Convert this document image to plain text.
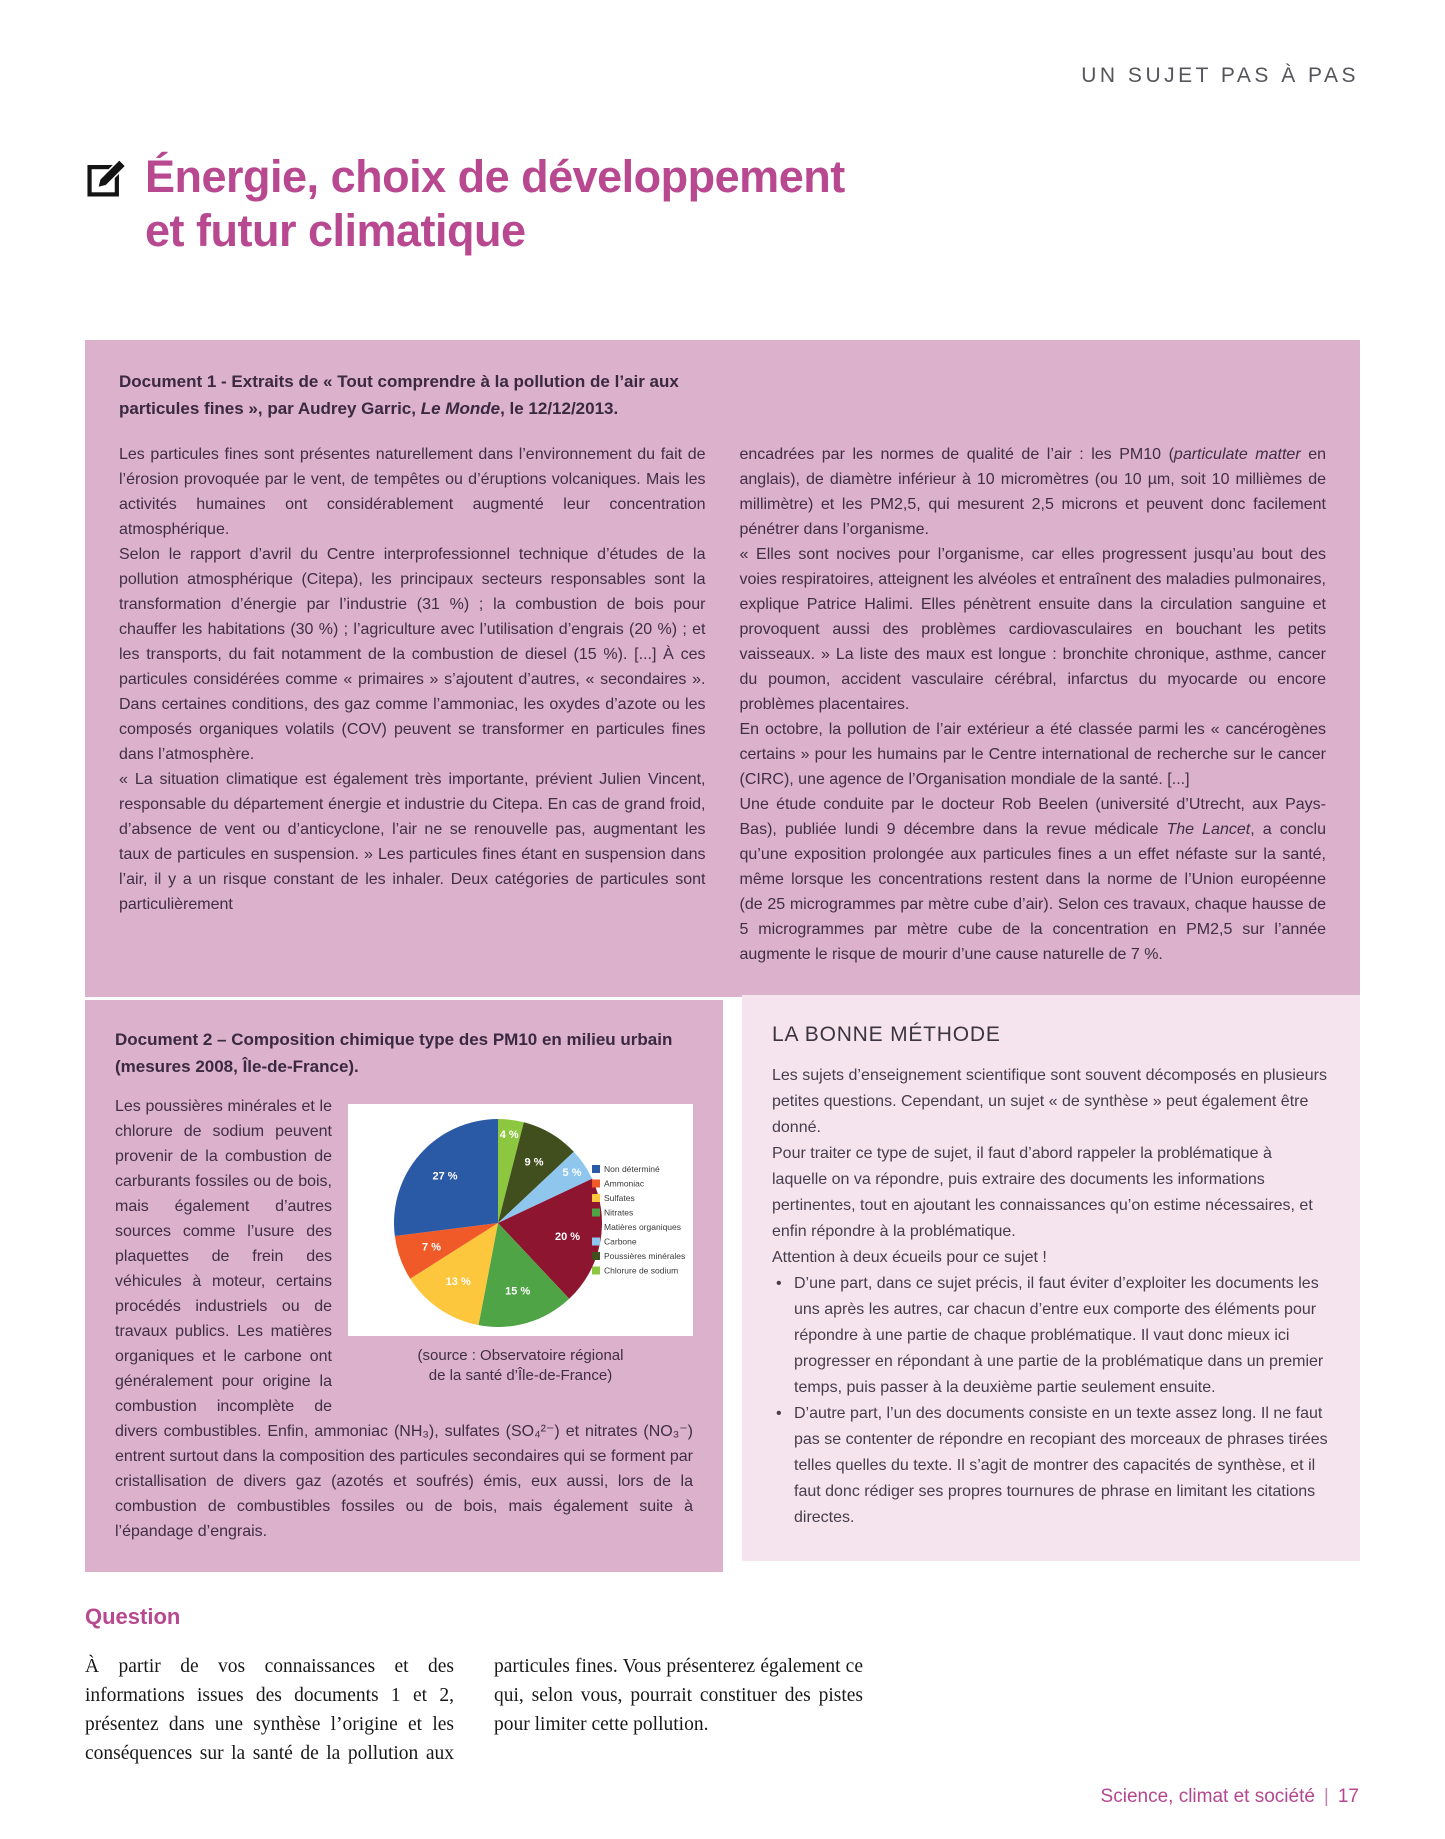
UN SUJET PAS À PAS
Énergie, choix de développement
et futur climatique

Document 1 - Extraits de « Tout comprendre à la pollution de l’air aux particules fines », par Audrey Garric, Le Monde, le 12/12/2013.

Les particules fines sont présentes naturellement dans l’environnement du fait de l’érosion provoquée par le vent, de tempêtes ou d’éruptions volcaniques. Mais les activités humaines ont considérablement augmenté leur concentration atmosphérique.

Selon le rapport d’avril du Centre interprofessionnel technique d’études de la pollution atmosphérique (Citepa), les principaux secteurs responsables sont la transformation d’énergie par l’industrie (31 %) ; la combustion de bois pour chauffer les habitations (30 %) ; l’agriculture avec l’utilisation d’engrais (20 %) ; et les transports, du fait notamment de la combustion de diesel (15 %). [...] À ces particules considérées comme « primaires » s’ajoutent d’autres, « secondaires ». Dans certaines conditions, des gaz comme l’ammoniac, les oxydes d’azote ou les composés organiques volatils (COV) peuvent se transformer en particules fines dans l’atmosphère.

« La situation climatique est également très importante, prévient Julien Vincent, responsable du département énergie et industrie du Citepa. En cas de grand froid, d’absence de vent ou d’anticyclone, l’air ne se renouvelle pas, augmentant les taux de particules en suspension. » Les particules fines étant en suspension dans l’air, il y a un risque constant de les inhaler. Deux catégories de particules sont particulièrement

encadrées par les normes de qualité de l’air : les PM10 (particulate matter en anglais), de diamètre inférieur à 10 micromètres (ou 10 µm, soit 10 millièmes de millimètre) et les PM2,5, qui mesurent 2,5 microns et peuvent donc facilement pénétrer dans l’organisme.

« Elles sont nocives pour l’organisme, car elles progressent jusqu’au bout des voies respiratoires, atteignent les alvéoles et entraînent des maladies pulmonaires, explique Patrice Halimi. Elles pénètrent ensuite dans la circulation sanguine et provoquent aussi des problèmes cardiovasculaires en bouchant les petits vaisseaux. » La liste des maux est longue : bronchite chronique, asthme, cancer du poumon, accident vasculaire cérébral, infarctus du myocarde ou encore problèmes placentaires.

En octobre, la pollution de l’air extérieur a été classée parmi les « cancérogènes certains » pour les humains par le Centre international de recherche sur le cancer (CIRC), une agence de l’Organisation mondiale de la santé. [...]

Une étude conduite par le docteur Rob Beelen (université d’Utrecht, aux Pays-Bas), publiée lundi 9 décembre dans la revue médicale The Lancet, a conclu qu’une exposition prolongée aux particules fines a un effet néfaste sur la santé, même lorsque les concentrations restent dans la norme de l’Union européenne (de 25 microgrammes par mètre cube d’air). Selon ces travaux, chaque hausse de 5 microgrammes par mètre cube de la concentration en PM2,5 sur l’année augmente le risque de mourir d’une cause naturelle de 7 %.

Document 2 – Composition chimique type des PM10 en milieu urbain (mesures 2008, Île-de-France).

4 %
9 %
5 %
20 %
15 %
13 %
7 %
27 %
Non déterminé
Ammoniac
Sulfates
Nitrates
Matières organiques
Carbone
Poussières minérales
Chlorure de sodium
(source : Observatoire régional
de la santé d’Île-de-France)

Les poussières minérales et le chlorure de sodium peuvent provenir de la combustion de carburants fossiles ou de bois, mais également d’autres sources comme l’usure des plaquettes de frein des véhicules à moteur, certains procédés industriels ou de travaux publics. Les matières organiques et le carbone ont généralement pour origine la combustion incomplète de divers combustibles. Enfin, ammoniac (NH₃), sulfates (SO₄²⁻) et nitrates (NO₃⁻) entrent surtout dans la composition des particules secondaires qui se forment par cristallisation de divers gaz (azotés et soufrés) émis, eux aussi, lors de la combustion de combustibles fossiles ou de bois, mais également suite à l’épandage d’engrais.

LA BONNE MÉTHODE

Les sujets d’enseignement scientifique sont souvent décomposés en plusieurs petites questions. Cependant, un sujet « de synthèse » peut également être donné.

Pour traiter ce type de sujet, il faut d’abord rappeler la problématique à laquelle on va répondre, puis extraire des documents les informations pertinentes, tout en ajoutant les connaissances qu’on estime nécessaires, et enfin répondre à la problématique.

Attention à deux écueils pour ce sujet !

• D’une part, dans ce sujet précis, il faut éviter d’exploiter les documents les uns après les autres, car chacun d’entre eux comporte des éléments pour répondre à une partie de chaque problématique. Il vaut donc mieux ici progresser en répondant à une partie de la problématique dans un premier temps, puis passer à la deuxième partie seulement ensuite.

• D’autre part, l’un des documents consiste en un texte assez long. Il ne faut pas se contenter de répondre en recopiant des morceaux de phrases tirées telles quelles du texte. Il s’agit de montrer des capacités de synthèse, et il faut donc rédiger ses propres tournures de phrase en limitant les citations directes.

Question
À partir de vos connaissances et des informations issues des documents 1 et 2, présentez dans une synthèse l’origine et les conséquences sur la santé de la pollution aux particules fines. Vous présenterez également ce qui, selon vous, pourrait constituer des pistes pour limiter cette pollution.
Science, climat et société | 17
